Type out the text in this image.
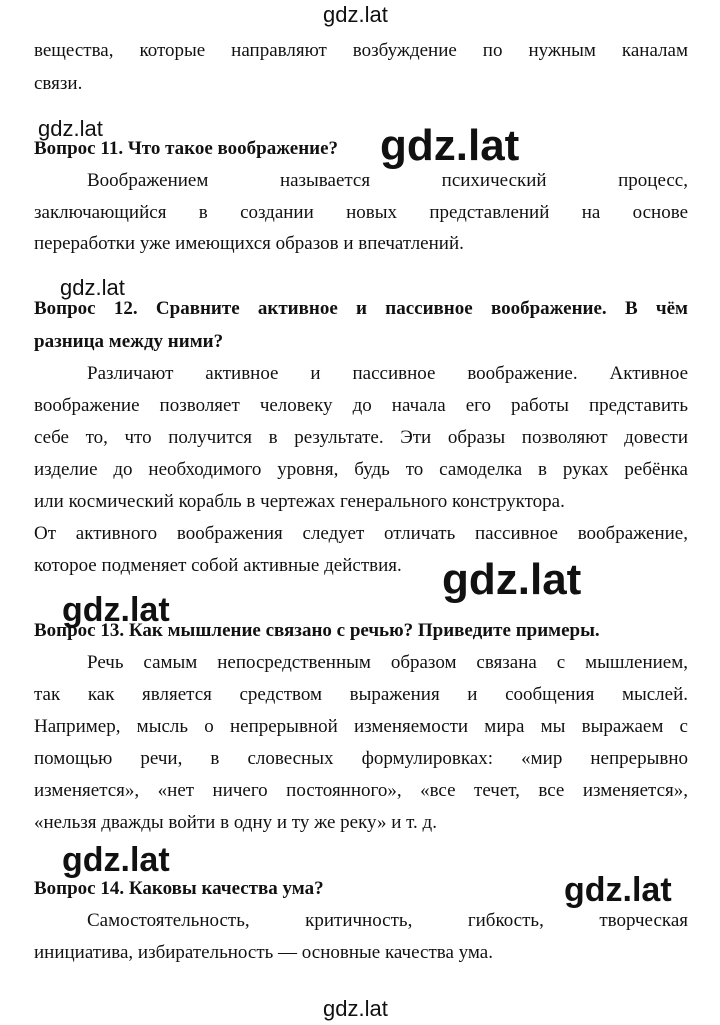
gdz.lat
gdz.lat	gdz.lat
gdz.lat
gdz.lat
gdz.lat
gdz.lat
gdz.lat
gdz.lat
вещества, которые направляют возбуждение по нужным каналам
связи.
Вопрос 11. Что такое воображение?
Воображением называется психический процесс,
заключающийся в создании новых представлений на основе
переработки уже имеющихся образов и впечатлений.
Вопрос 12. Сравните активное и пассивное воображение. В чём
разница между ними?
Различают активное и пассивное воображение. Активное
воображение позволяет человеку до начала его работы представить
себе то, что получится в результате. Эти образы позволяют довести
изделие до необходимого уровня, будь то самоделка в руках ребёнка
или космический корабль в чертежах генерального конструктора.
От активного воображения следует отличать пассивное воображение,
которое подменяет собой активные действия.
Вопрос 13. Как мышление связано с речью? Приведите примеры.
Речь самым непосредственным образом связана с мышлением,
так как является средством выражения и сообщения мыслей.
Например, мысль о непрерывной изменяемости мира мы выражаем с
помощью речи, в словесных формулировках: «мир непрерывно
изменяется», «нет ничего постоянного», «все течет, все изменяется»,
«нельзя дважды войти в одну и ту же реку» и т. д.
Вопрос 14. Каковы качества ума?
Самостоятельность, критичность, гибкость, творческая
инициатива, избирательность — основные качества ума.
